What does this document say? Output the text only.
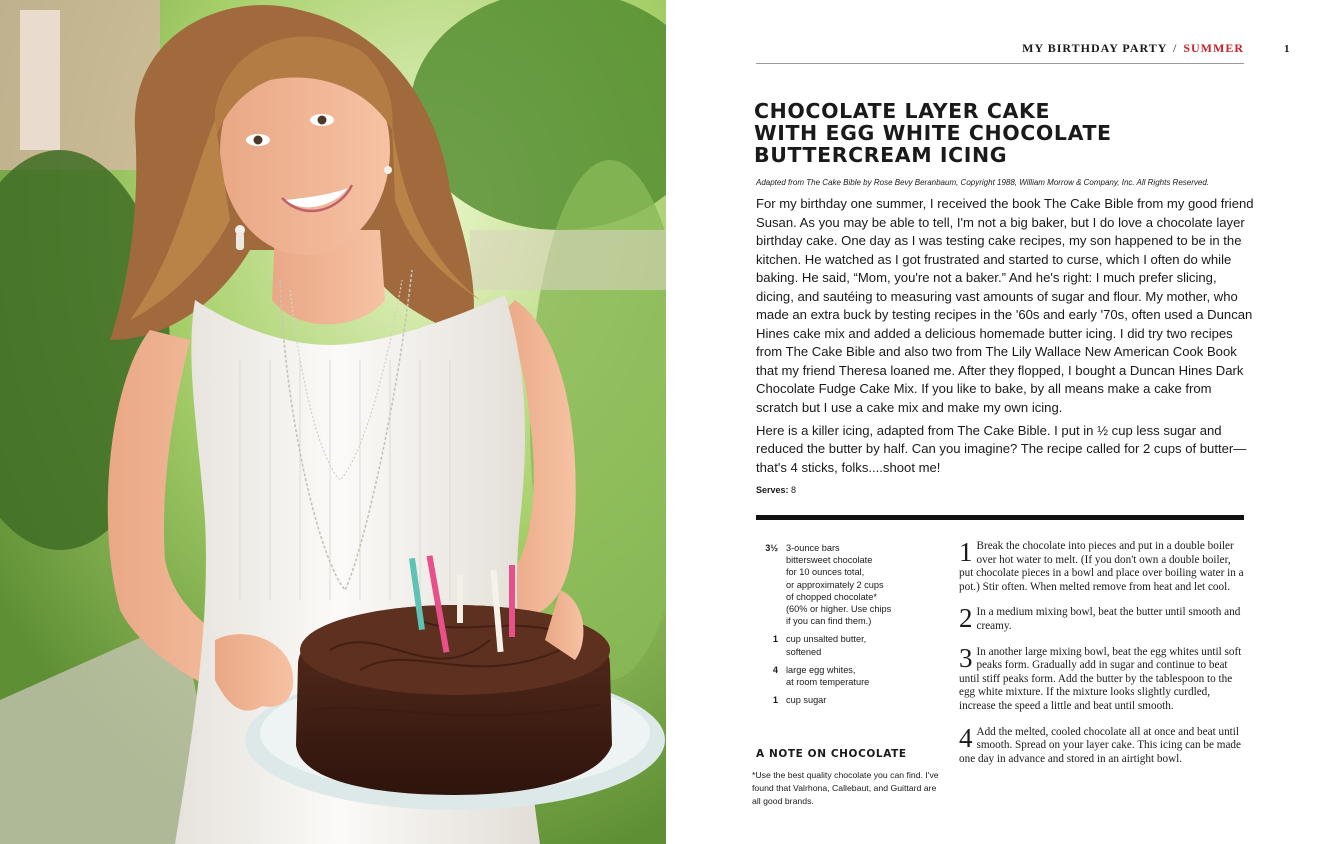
MY BIRTHDAY PARTY / SUMMER	1
CHOCOLATE LAYER CAKE
WITH EGG WHITE CHOCOLATE
BUTTERCREAM ICING
Adapted from The Cake Bible by Rose Bevy Beranbaum, Copyright 1988, William Morrow & Company, Inc. All Rights Reserved.

For my birthday one summer, I received the book The Cake Bible from my good friend Susan. As you may be able to tell, I'm not a big baker, but I do love a chocolate layer birthday cake. One day as I was testing cake recipes, my son happened to be in the kitchen. He watched as I got frustrated and started to curse, which I often do while baking. He said, “Mom, you're not a baker.” And he's right: I much prefer slicing, dicing, and sautéing to measuring vast amounts of sugar and flour. My mother, who made an extra buck by testing recipes in the '60s and early '70s, often used a Duncan Hines cake mix and added a delicious homemade butter icing. I did try two recipes from The Cake Bible and also two from The Lily Wallace New American Cook Book that my friend Theresa loaned me. After they flopped, I bought a Duncan Hines Dark Chocolate Fudge Cake Mix. If you like to bake, by all means make a cake from scratch but I use a cake mix and make my own icing.

Here is a killer icing, adapted from The Cake Bible. I put in ½ cup less sugar and reduced the butter by half. Can you imagine? The recipe called for 2 cups of butter—that's 4 sticks, folks....shoot me!

Serves: 8
3½ 3-ounce bars
bittersweet chocolate
for 10 ounces total,
or approximately 2 cups
of chopped chocolate*
(60% or higher. Use chips
if you can find them.)
1 cup unsalted butter,
softened
4 large egg whites,
at room temperature
1 cup sugar
A NOTE ON CHOCOLATE
*Use the best quality chocolate you can find. I've found that Valrhona, Callebaut, and Guittard are all good brands.
1 Break the chocolate into pieces and put in a double boiler over hot water to melt. (If you don't own a double boiler, put chocolate pieces in a bowl and place over boiling water in a pot.) Stir often. When melted remove from heat and let cool.
2 In a medium mixing bowl, beat the butter until smooth and creamy.
3 In another large mixing bowl, beat the egg whites until soft peaks form. Gradually add in sugar and continue to beat until stiff peaks form. Add the butter by the tablespoon to the egg white mixture. If the mixture looks slightly curdled, increase the speed a little and beat until smooth.
4 Add the melted, cooled chocolate all at once and beat until smooth. Spread on your layer cake. This icing can be made one day in advance and stored in an airtight bowl.
